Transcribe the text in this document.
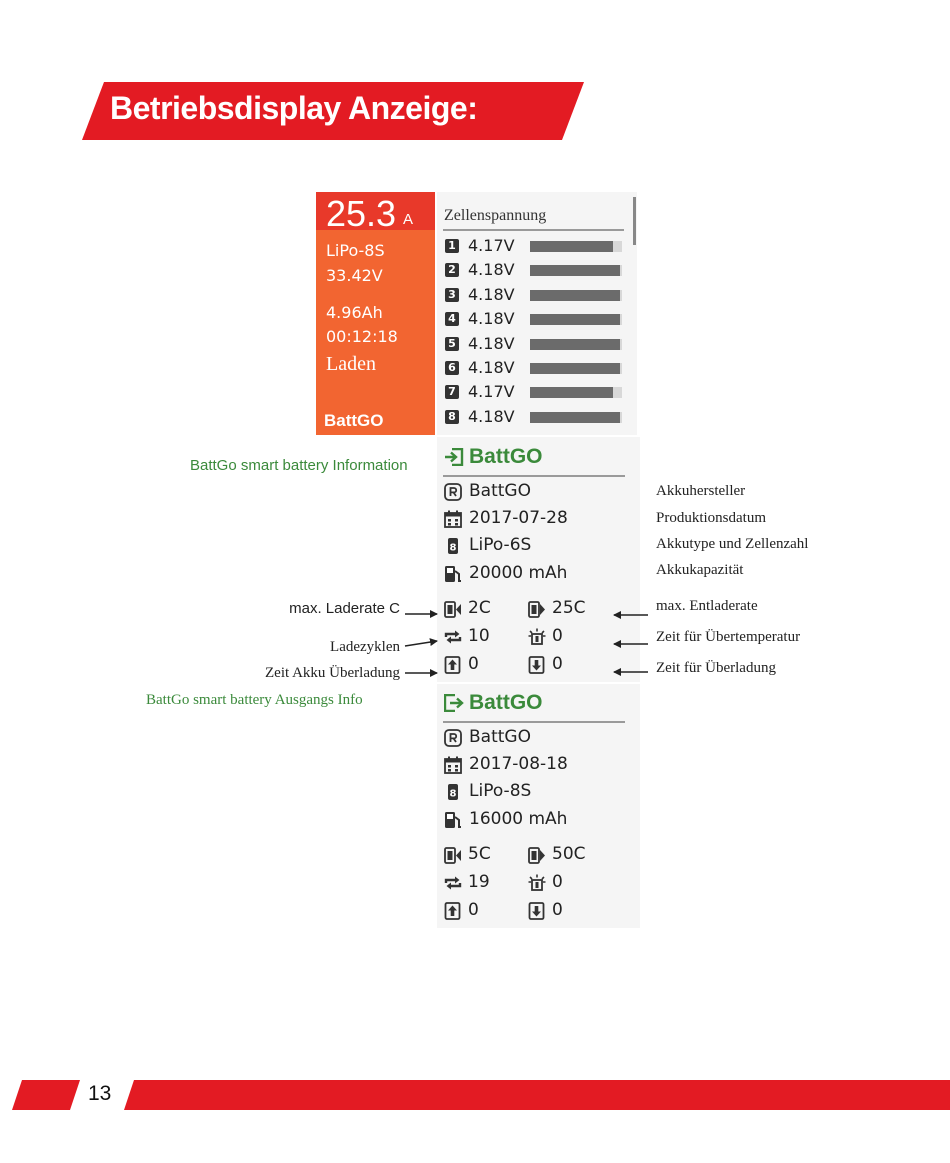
Betriebsdisplay Anzeige:
25.3 A
LiPo-8S
33.42V
4.96Ah
00:12:18
Laden
BattGO
Zellenspannung
1 4.17V
2 4.18V
3 4.18V
4 4.18V
5 4.18V
6 4.18V
7 4.17V
8 4.18V
BattGO
BattGO
2017-07-28
8 LiPo-6S
20000 mAh
2C	25C
10	0
0	0
BattGO
BattGO
2017-08-18
8 LiPo-8S
16000 mAh
5C	50C
19	0
0	0
BattGo smart battery Information
BattGo smart battery Ausgangs Info
Akkuhersteller
Produktionsdatum
Akkutype und Zellenzahl
Akkukapazität
max. Entladerate
Zeit für Übertemperatur
Zeit für Überladung
max. Laderate C
Ladezyklen
Zeit Akku Überladung
13
